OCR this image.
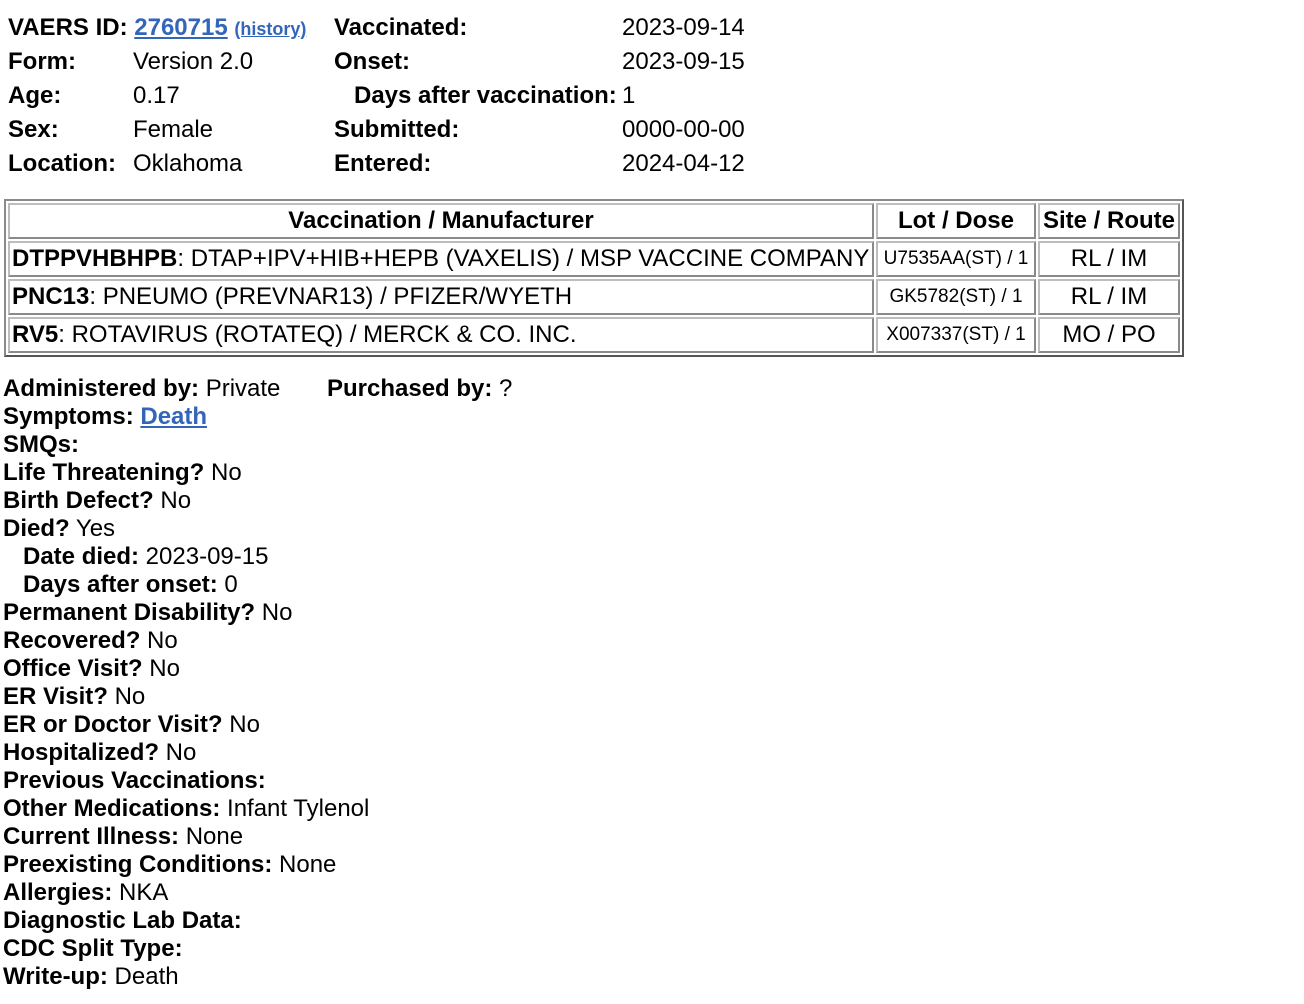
VAERS ID: 2760715 (history)
Form: Version 2.0
Age:	0.17
Sex:	Female
Location: Oklahoma
Vaccinated:	2023-09-14
Onset:	2023-09-15
Days after vaccination: 1
Submitted:	0000-00-00
Entered:	2024-04-12
Vaccination / Manufacturer	Lot / Dose	Site / Route
DTPPVHBHPB: DTAP+IPV+HIB+HEPB (VAXELIS) / MSP VACCINE COMPANY	U7535AA(ST) / 1	RL / IM
PNC13: PNEUMO (PREVNAR13) / PFIZER/WYETH	GK5782(ST) / 1	RL / IM
RV5: ROTAVIRUS (ROTATEQ) / MERCK & CO. INC.	X007337(ST) / 1	MO / PO
Administered by: Private Purchased by: ?
Symptoms: Death
SMQs:
Life Threatening? No
Birth Defect? No
Died? Yes
Date died: 2023-09-15
Days after onset: 0
Permanent Disability? No
Recovered? No
Office Visit? No
ER Visit? No
ER or Doctor Visit? No
Hospitalized? No
Previous Vaccinations:
Other Medications: Infant Tylenol
Current Illness: None
Preexisting Conditions: None
Allergies: NKA
Diagnostic Lab Data:
CDC Split Type:
Write-up: Death
